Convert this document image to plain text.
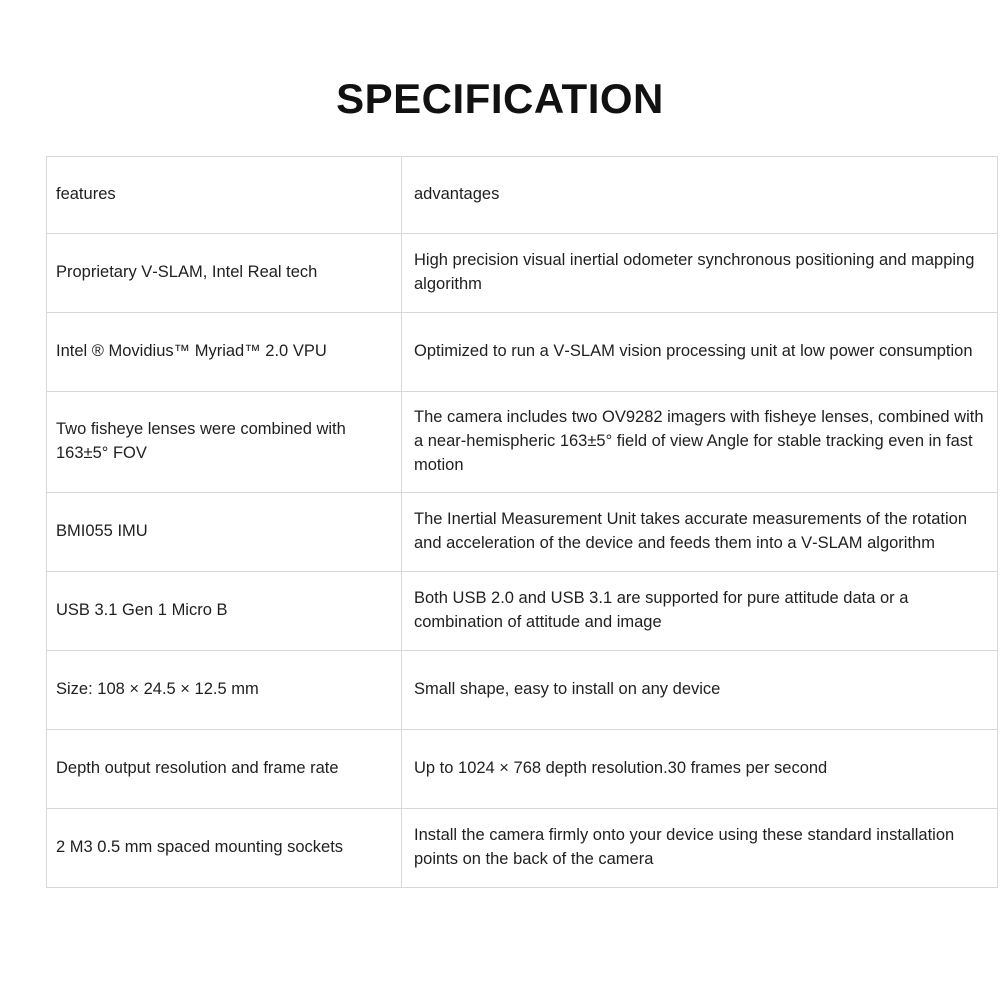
SPECIFICATION
features	advantages
Proprietary V‑SLAM, Intel Real tech	High precision visual inertial odometer synchronous positioning and mapping algorithm
Intel ® Movidius™ Myriad™ 2.0 VPU	Optimized to run a V‑SLAM vision processing unit at low power consumption
Two fisheye lenses were combined with 163±5° FOV	The camera includes two OV9282 imagers with fisheye lenses, combined with a near‑hemispheric 163±5° field of view Angle for stable tracking even in fast motion
BMI055 IMU	The Inertial Measurement Unit takes accurate measurements of the rotation and acceleration of the device and feeds them into a V‑SLAM algorithm
USB 3.1 Gen 1 Micro B	Both USB 2.0 and USB 3.1 are supported for pure attitude data or a combination of attitude and image
Size: 108 × 24.5 × 12.5 mm	Small shape, easy to install on any device
Depth output resolution and frame rate	Up to 1024 × 768 depth resolution.30 frames per second
2 M3 0.5 mm spaced mounting sockets	Install the camera firmly onto your device using these standard installation points on the back of the camera
